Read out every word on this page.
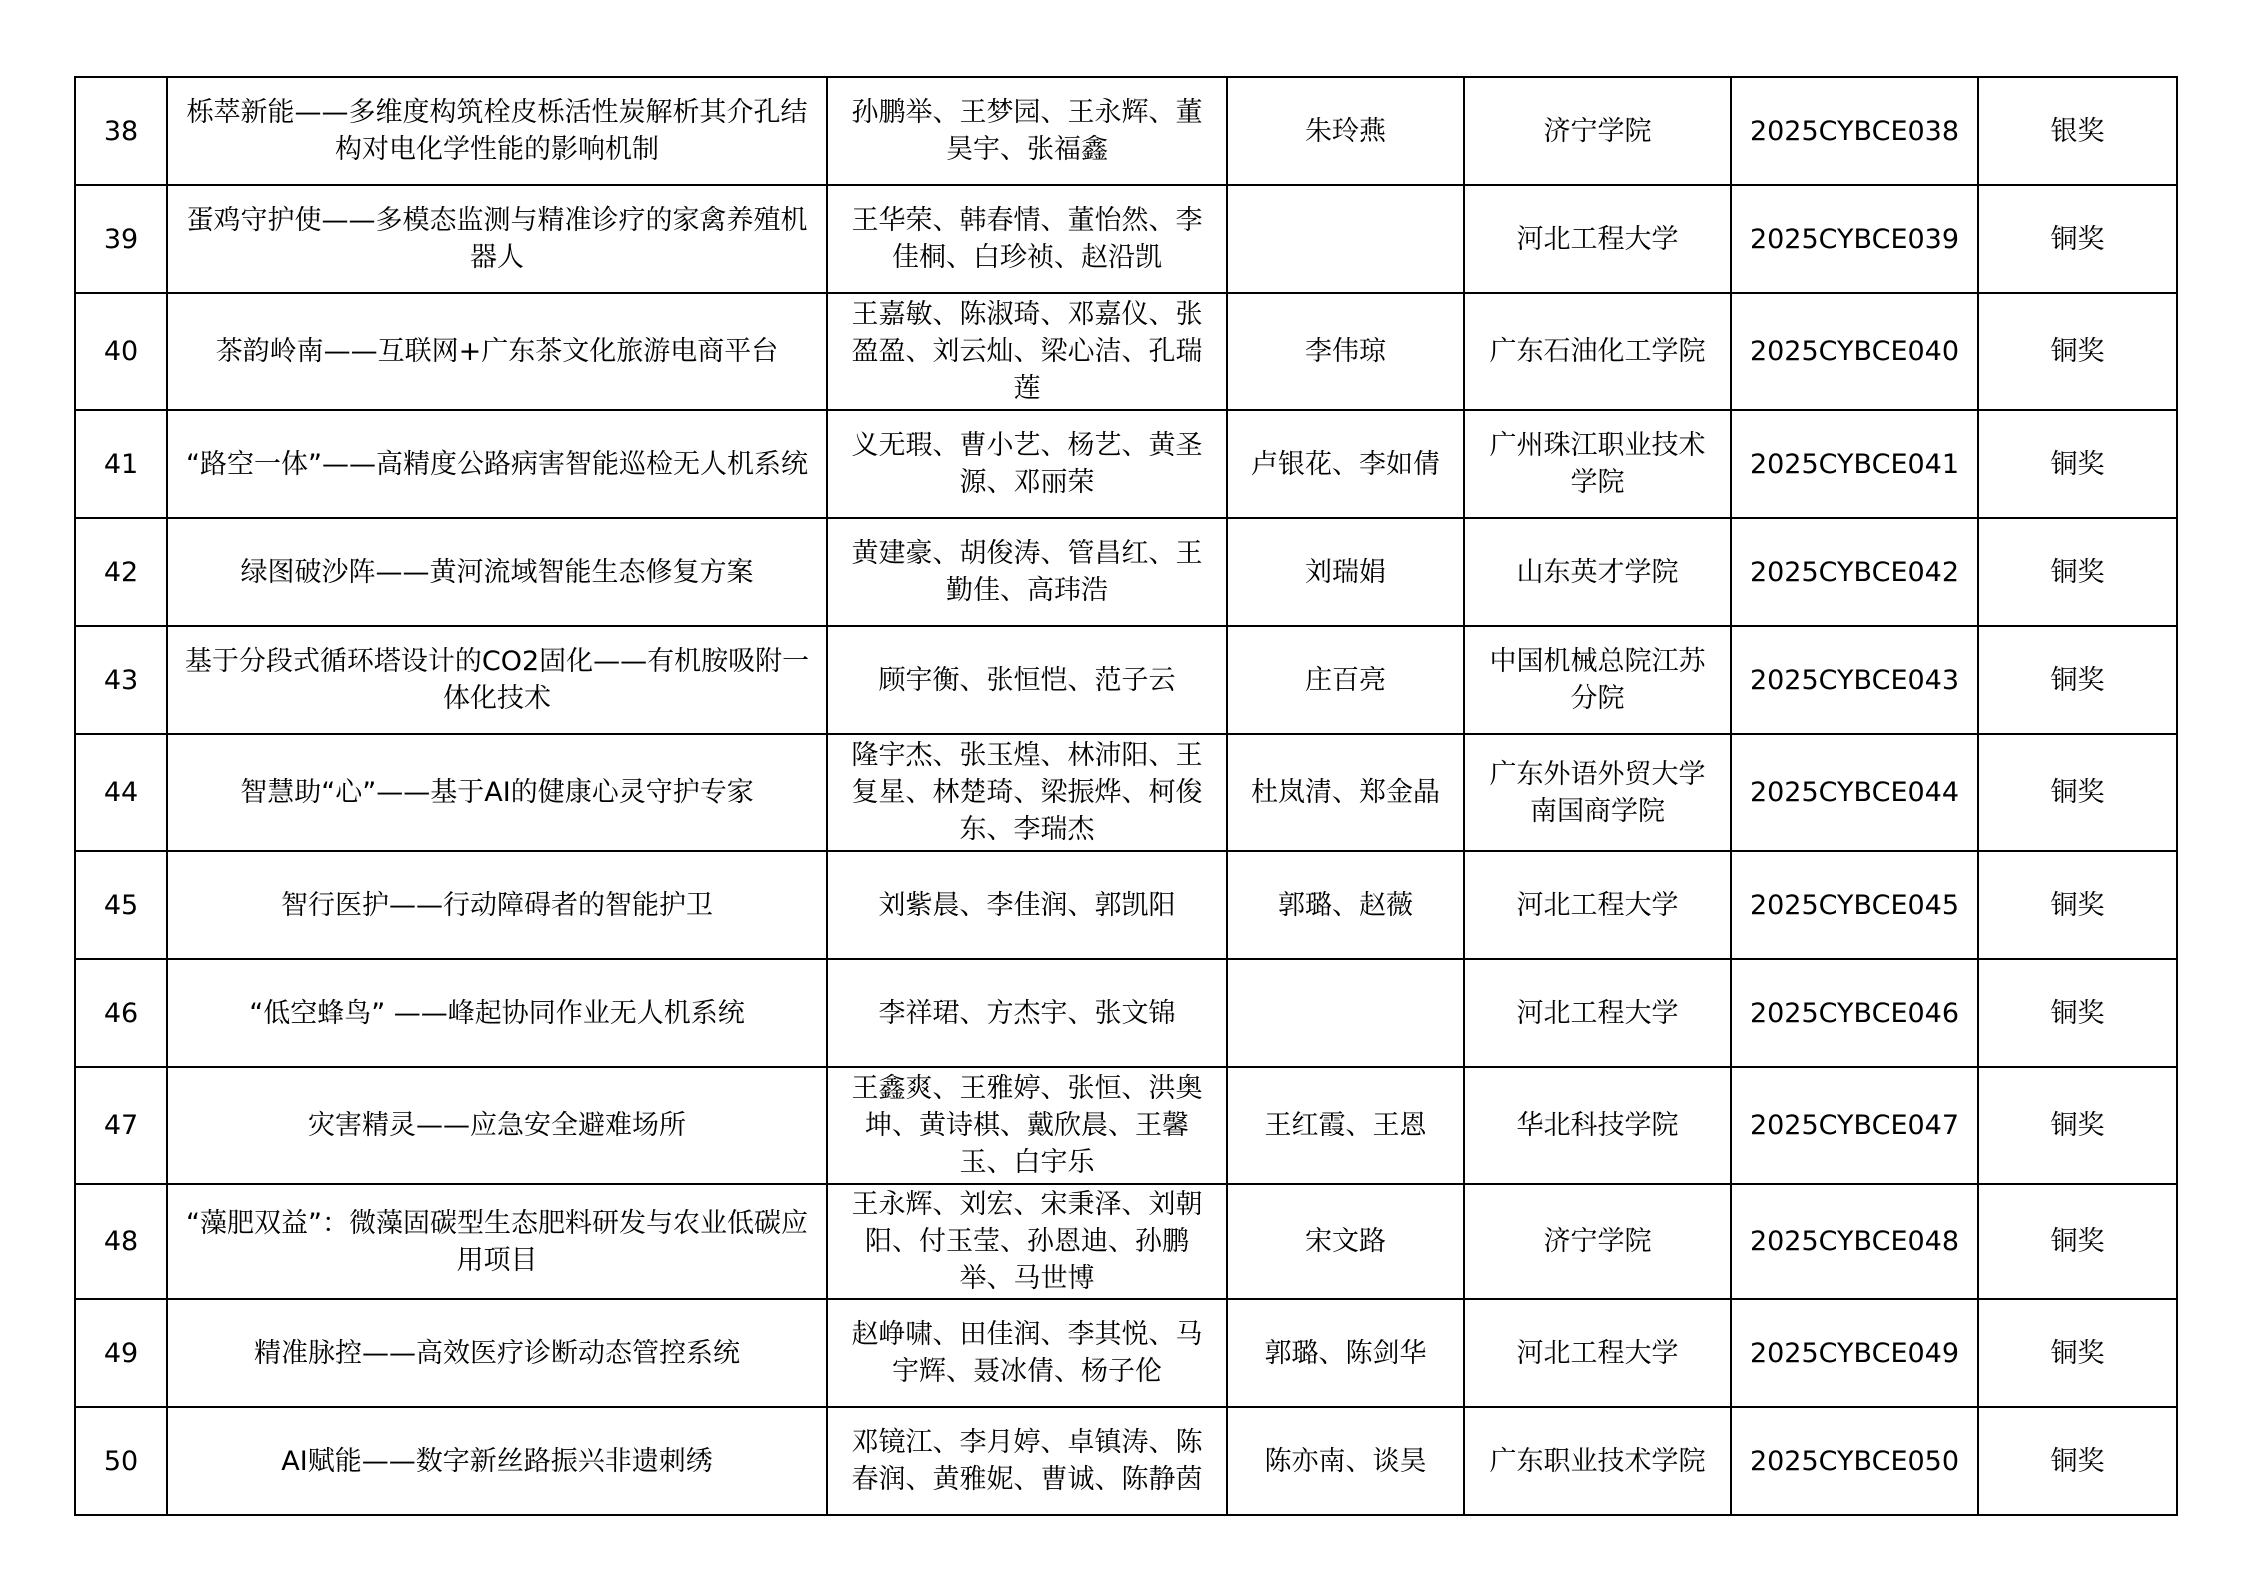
38	栎萃新能——多维度构筑栓皮栎活性炭解析其介孔结构对电化学性能的影响机制	孙鹏举、王梦园、王永辉、董昊宇、张福鑫	朱玲燕	济宁学院	2025CYBCE038	银奖
39	蛋鸡守护使——多模态监测与精准诊疗的家禽养殖机器人	王华荣、韩春情、董怡然、李佳桐、白珍祯、赵沿凯		河北工程大学	2025CYBCE039	铜奖
40	茶韵岭南——互联网+广东茶文化旅游电商平台	王嘉敏、陈淑琦、邓嘉仪、张盈盈、刘云灿、梁心洁、孔瑞莲	李伟琼	广东石油化工学院	2025CYBCE040	铜奖
41	“路空一体”——高精度公路病害智能巡检无人机系统	义无瑕、曹小艺、杨艺、黄圣源、邓丽荣	卢银花、李如倩	广州珠江职业技术学院	2025CYBCE041	铜奖
42	绿图破沙阵——黄河流域智能生态修复方案	黄建豪、胡俊涛、管昌红、王勤佳、高玮浩	刘瑞娟	山东英才学院	2025CYBCE042	铜奖
43	基于分段式循环塔设计的CO2固化——有机胺吸附一体化技术	顾宇衡、张恒恺、范子云	庄百亮	中国机械总院江苏分院	2025CYBCE043	铜奖
44	智慧助“心”——基于AI的健康心灵守护专家	隆宇杰、张玉煌、林沛阳、王复星、林楚琦、梁振烨、柯俊东、李瑞杰	杜岚清、郑金晶	广东外语外贸大学南国商学院	2025CYBCE044	铜奖
45	智行医护——行动障碍者的智能护卫	刘紫晨、李佳润、郭凯阳	郭璐、赵薇	河北工程大学	2025CYBCE045	铜奖
46	“低空蜂鸟” ——峰起协同作业无人机系统	李祥珺、方杰宇、张文锦		河北工程大学	2025CYBCE046	铜奖
47	灾害精灵——应急安全避难场所	王鑫爽、王雅婷、张恒、洪奥坤、黄诗棋、戴欣晨、王馨玉、白宇乐	王红霞、王恩	华北科技学院	2025CYBCE047	铜奖
48	“藻肥双益”：微藻固碳型生态肥料研发与农业低碳应用项目	王永辉、刘宏、宋秉泽、刘朝阳、付玉莹、孙恩迪、孙鹏举、马世博	宋文路	济宁学院	2025CYBCE048	铜奖
49	精准脉控——高效医疗诊断动态管控系统	赵峥啸、田佳润、李其悦、马宇辉、聂冰倩、杨子伦	郭璐、陈剑华	河北工程大学	2025CYBCE049	铜奖
50	AI赋能——数字新丝路振兴非遗刺绣	邓镜江、李月婷、卓镇涛、陈春润、黄雅妮、曹诚、陈静茵	陈亦南、谈昊	广东职业技术学院	2025CYBCE050	铜奖
